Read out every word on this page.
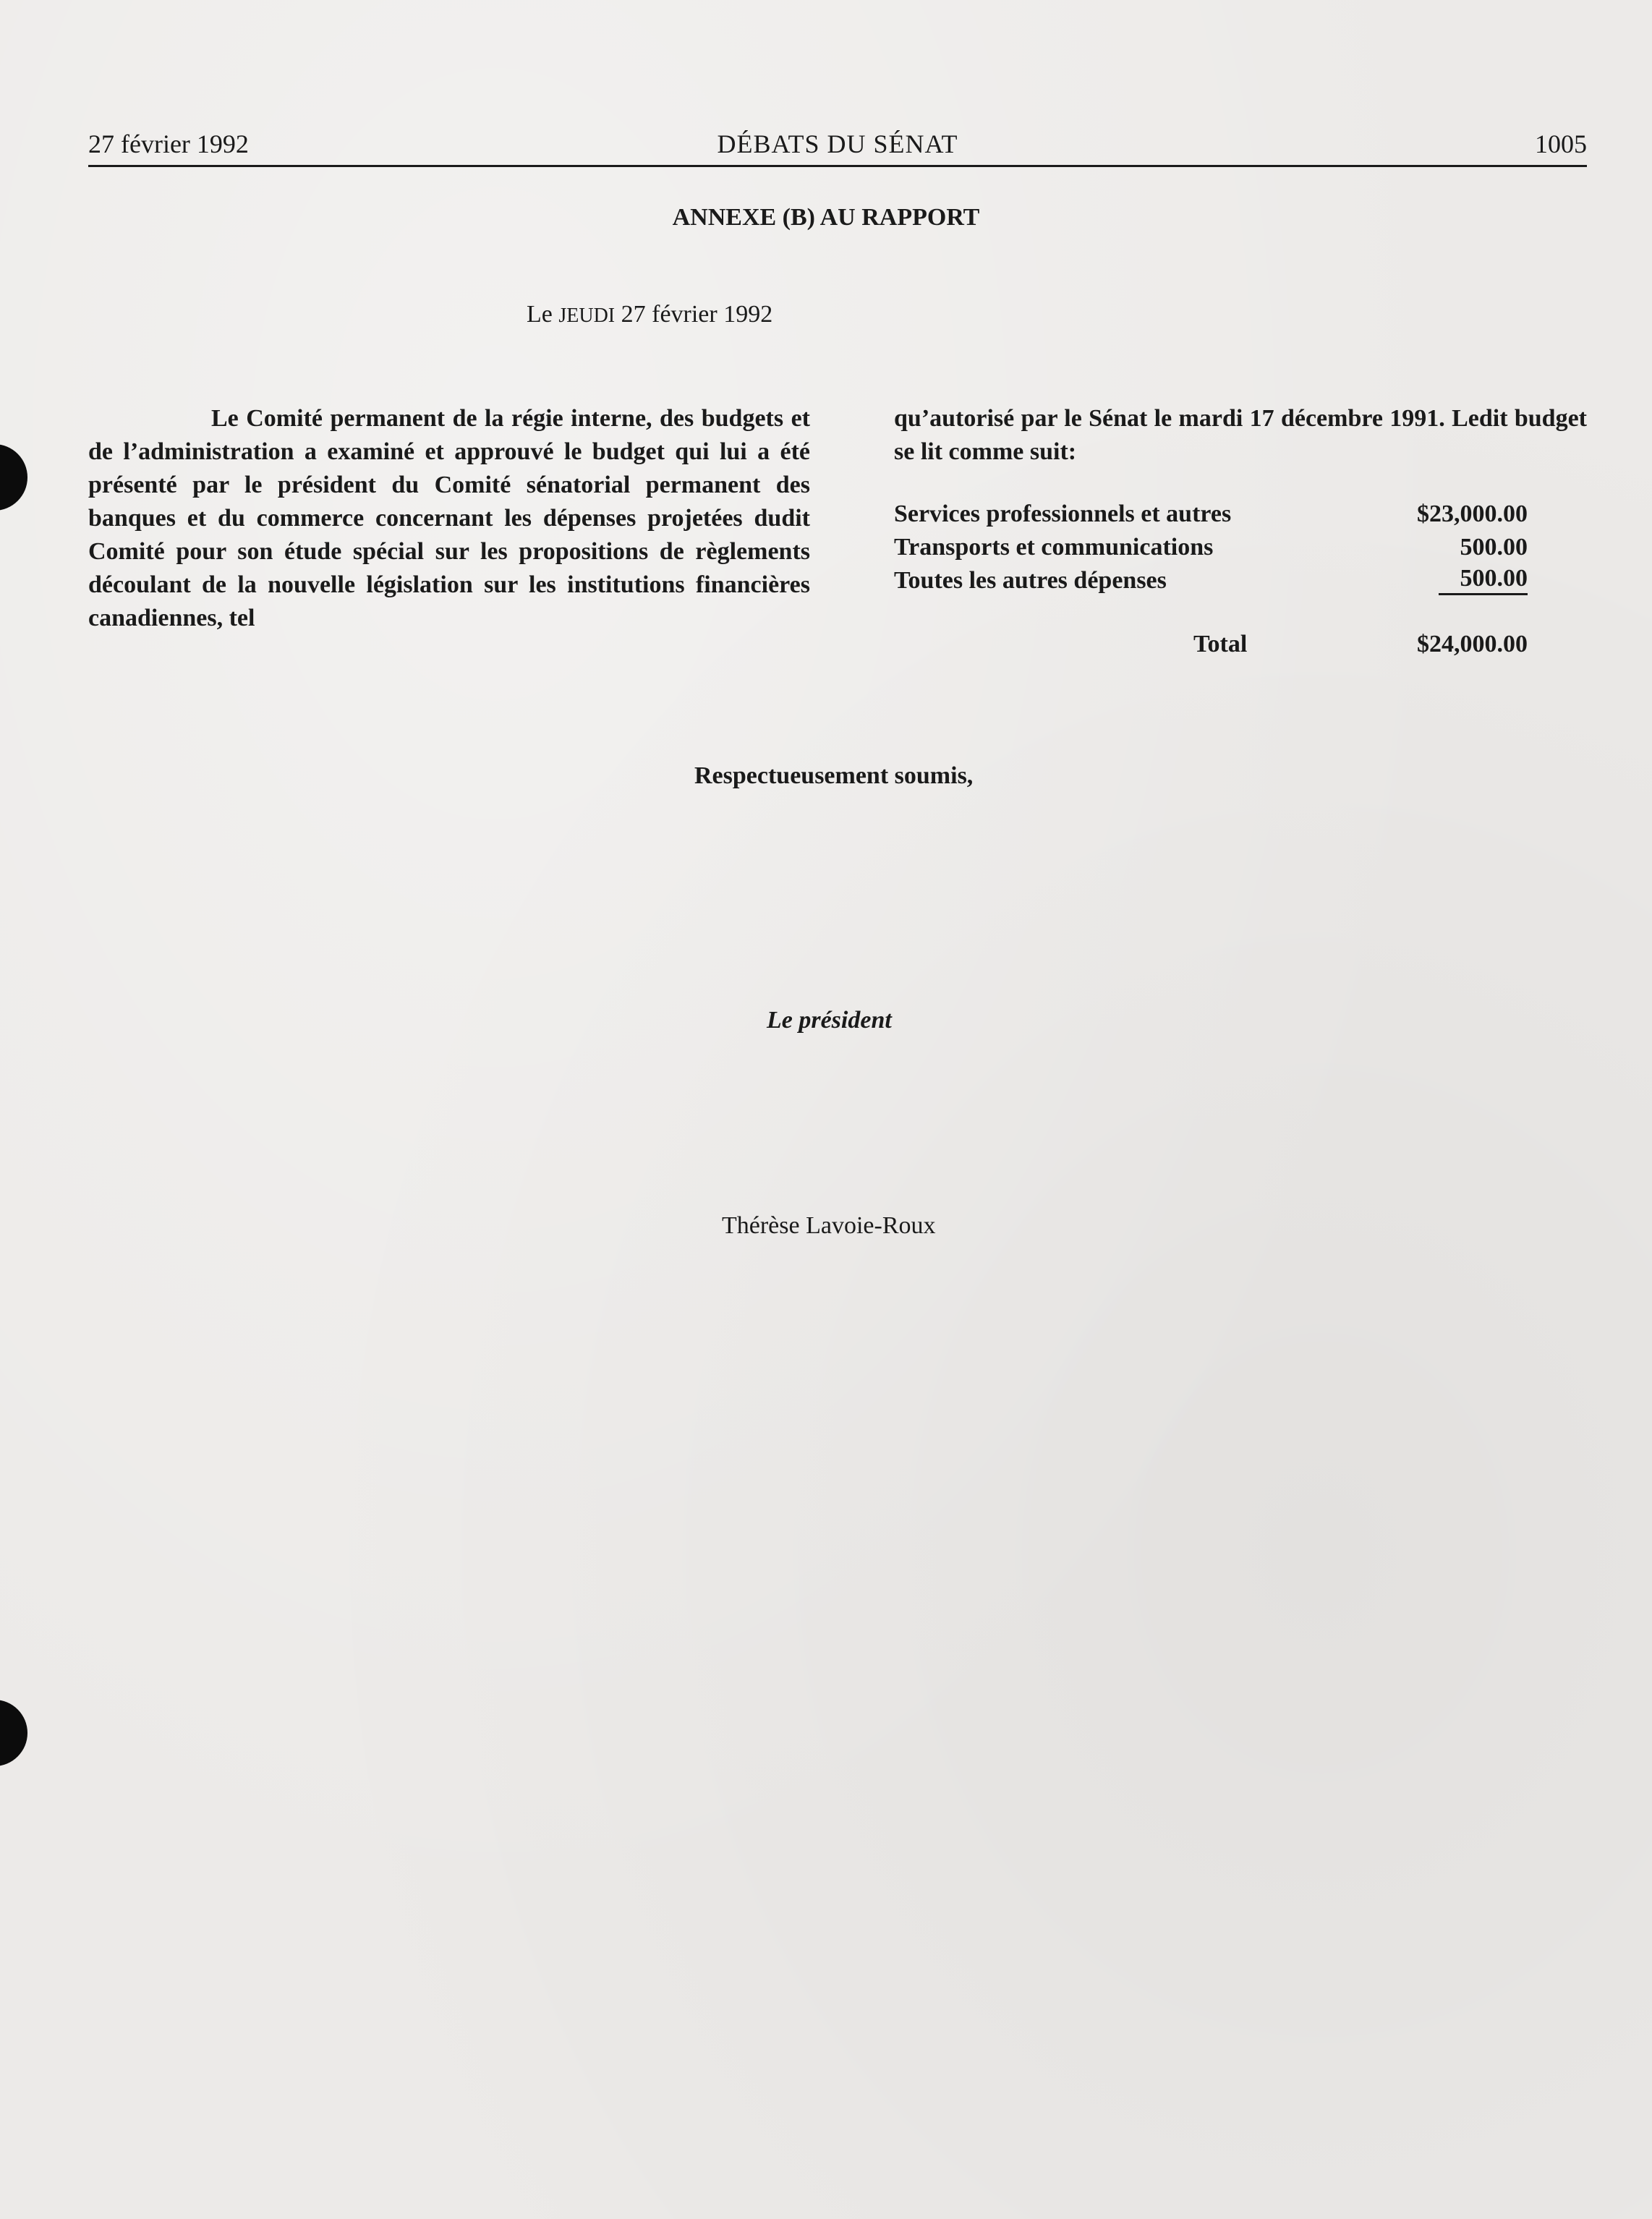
27 février 1992	DÉBATS DU SÉNAT	1005
ANNEXE (B) AU RAPPORT
Le JEUDI 27 février 1992
Le Comité permanent de la régie interne, des budgets et de l’administration a examiné et approuvé le budget qui lui a été présenté par le président du Comité sénatorial permanent des banques et du commerce concernant les dépenses projetées dudit Comité pour son étude spécial sur les propositions de règlements découlant de la nouvelle législation sur les institutions financières canadiennes, tel
qu’autorisé par le Sénat le mardi 17 décembre 1991. Ledit budget se lit comme suit:
Services professionnels et autres	$23,000.00
Transports et communications	500.00
Toutes les autres dépenses	500.00
Total	$24,000.00
Respectueusement soumis,
Le président
Thérèse Lavoie-Roux
